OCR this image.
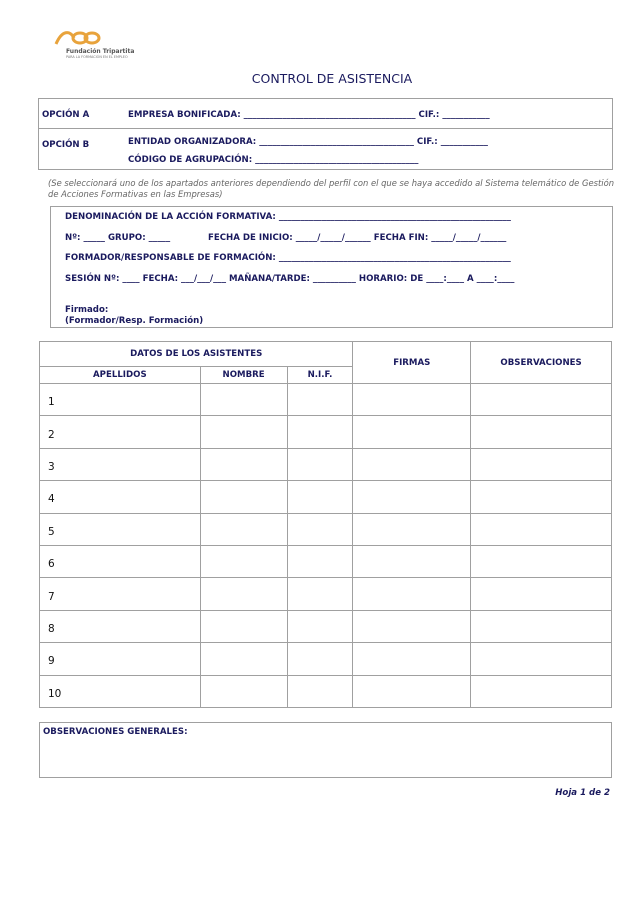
Fundación Tripartita
PARA LA FORMACIÓN EN EL EMPLEO
CONTROL DE ASISTENCIA
OPCIÓN A	EMPRESA BONIFICADA: ________________________________________ CIF.: ___________
OPCIÓN B	ENTIDAD ORGANIZADORA: ____________________________________ CIF.: ___________
CÓDIGO DE AGRUPACIÓN: ______________________________________
(Se seleccionará uno de los apartados anteriores dependiendo del perfil con el que se haya accedido al Sistema telemático de Gestión de Acciones Formativas en las Empresas)
DENOMINACIÓN DE LA ACCIÓN FORMATIVA: ______________________________________________________
Nº: _____ GRUPO: _____	FECHA DE INICIO: _____/_____/______ FECHA FIN: _____/_____/______
FORMADOR/RESPONSABLE DE FORMACIÓN: ______________________________________________________
SESIÓN Nº: ____ FECHA: ___/___/___ MAÑANA/TARDE: __________ HORARIO: DE ____:____ A ____:____
Firmado:
(Formador/Resp. Formación)
DATOS DE LOS ASISTENTES			FIRMAS	OBSERVACIONES
APELLIDOS	NOMBRE	N.I.F.		
1				
2				
3				
4				
5				
6				
7				
8				
9				
10				
OBSERVACIONES GENERALES:
Hoja 1 de 2
